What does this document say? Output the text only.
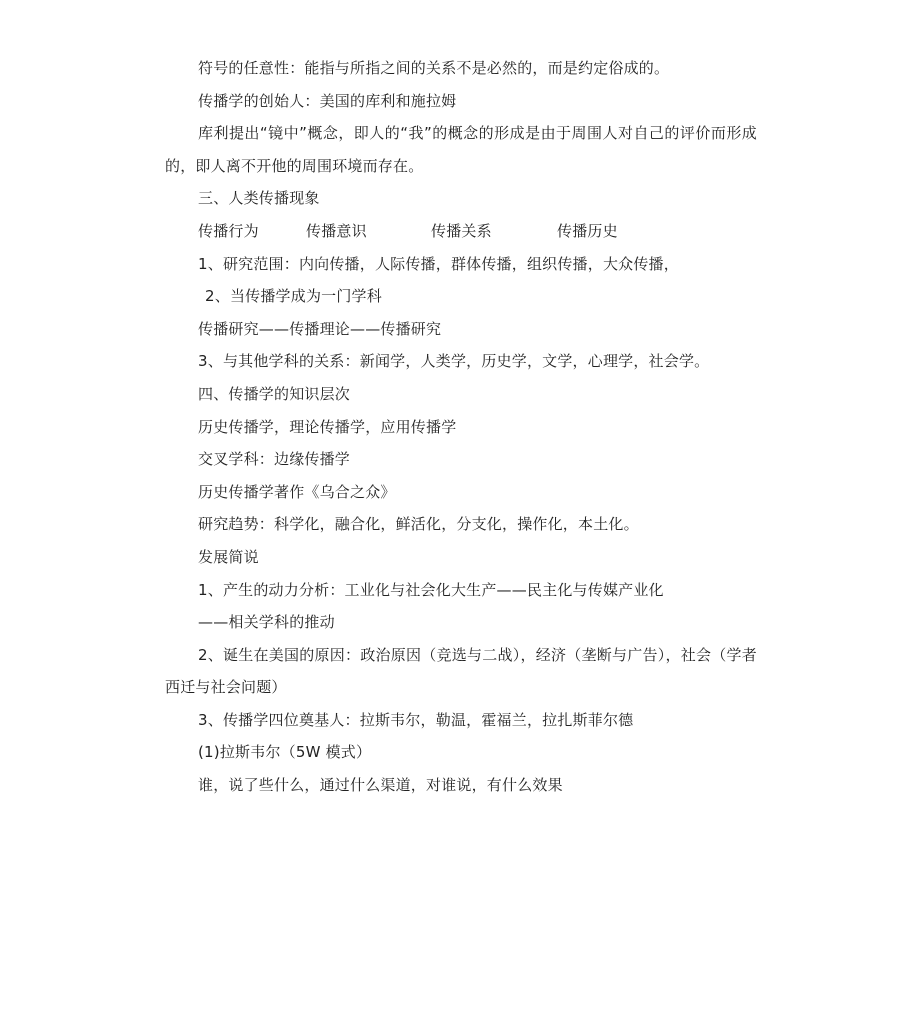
符号的任意性：能指与所指之间的关系不是必然的，而是约定俗成的。
传播学的创始人：美国的库利和施拉姆
库利提出“镜中”概念，即人的“我”的概念的形成是由于周围人对自己的评价而形成的，即人离不开他的周围环境而存在。
三、人类传播现象
传播行为	传播意识	传播关系	传播历史
1、研究范围：内向传播，人际传播，群体传播，组织传播，大众传播，
2、当传播学成为一门学科
传播研究——传播理论——传播研究
3、与其他学科的关系：新闻学，人类学，历史学，文学，心理学，社会学。
四、传播学的知识层次
历史传播学，理论传播学，应用传播学
交叉学科：边缘传播学
历史传播学著作《乌合之众》
研究趋势：科学化，融合化，鲜活化，分支化，操作化，本土化。
发展简说
1、产生的动力分析：工业化与社会化大生产——民主化与传媒产业化
——相关学科的推动
2、诞生在美国的原因：政治原因（竞选与二战），经济（垄断与广告），社会（学者西迁与社会问题）
3、传播学四位奠基人：拉斯韦尔，勒温，霍福兰，拉扎斯菲尔德
(1)拉斯韦尔（5W 模式）
谁，说了些什么，通过什么渠道，对谁说，有什么效果
